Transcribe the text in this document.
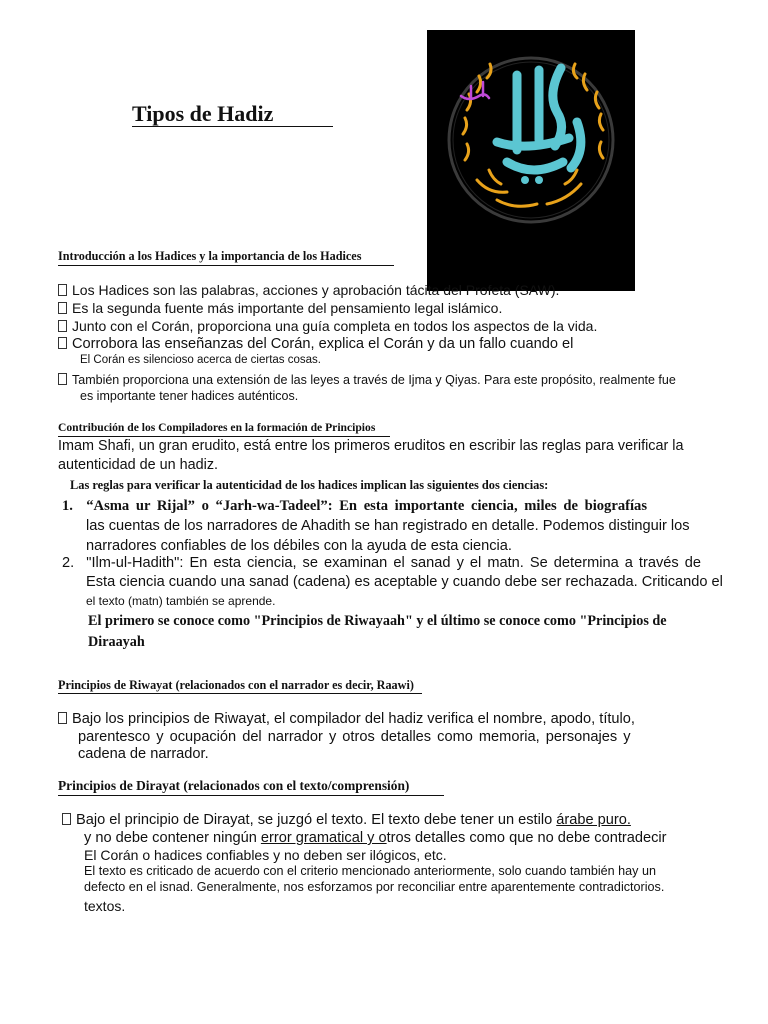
Tipos de Hadiz
Introducción a los Hadices y la importancia de los Hadices
Los Hadices son las palabras, acciones y aprobación tácita del Profeta (SAW).
Es la segunda fuente más importante del pensamiento legal islámico.
Junto con el Corán, proporciona una guía completa en todos los aspectos de la vida.
Corrobora las enseñanzas del Corán, explica el Corán y da un fallo cuando el
El Corán es silencioso acerca de ciertas cosas.
También proporciona una extensión de las leyes a través de Ijma y Qiyas. Para este propósito, realmente fue
es importante tener hadices auténticos.
Contribución de los Compiladores en la formación de Principios
Imam Shafi, un gran erudito, está entre los primeros eruditos en escribir las reglas para verificar la
autenticidad de un hadiz.
Las reglas para verificar la autenticidad de los hadices implican las siguientes dos ciencias:
1. “Asma ur Rijal” o “Jarh-wa-Tadeel”: En esta importante ciencia, miles de biografías
las cuentas de los narradores de Ahadith se han registrado en detalle. Podemos distinguir los
narradores confiables de los débiles con la ayuda de esta ciencia.
2. "Ilm-ul-Hadith": En esta ciencia, se examinan el sanad y el matn. Se determina a través de
Esta ciencia cuando una sanad (cadena) es aceptable y cuando debe ser rechazada. Criticando el
el texto (matn) también se aprende.
El primero se conoce como "Principios de Riwayaah" y el último se conoce como "Principios de
Diraayah
Principios de Riwayat (relacionados con el narrador es decir, Raawi)
Bajo los principios de Riwayat, el compilador del hadiz verifica el nombre, apodo, título,
parentesco y ocupación del narrador y otros detalles como memoria, personajes y
cadena de narrador.
Principios de Dirayat (relacionados con el texto/comprensión)
Bajo el principio de Dirayat, se juzgó el texto. El texto debe tener un estilo árabe puro.
y no debe contener ningún error gramatical y otros detalles como que no debe contradecir
El Corán o hadices confiables y no deben ser ilógicos, etc.
El texto es criticado de acuerdo con el criterio mencionado anteriormente, solo cuando también hay un
defecto en el isnad. Generalmente, nos esforzamos por reconciliar entre aparentemente contradictorios.
textos.
